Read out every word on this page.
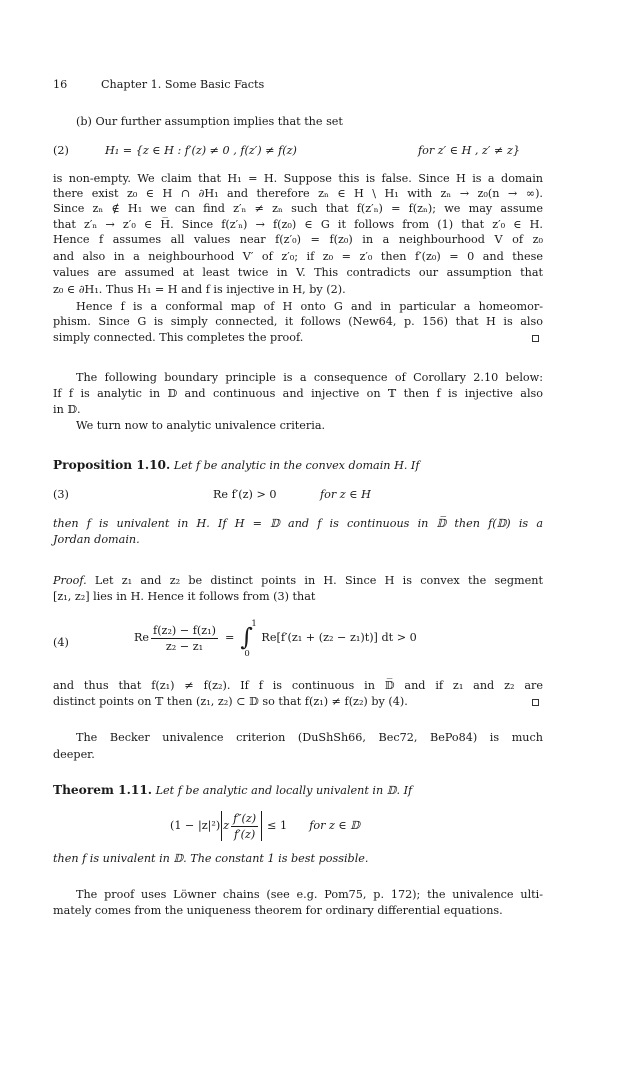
16	Chapter 1. Some Basic Facts
(b) Our further assumption implies that the set
(2)	H₁ = {z ∈ H : f′(z) ≠ 0 , f(z′) ≠ f(z)	for z′ ∈ H , z′ ≠ z}
is non-empty. We claim that H₁ = H. Suppose this is false. Since H is a domain
there exist z₀ ∈ H ∩ ∂H₁ and therefore zₙ ∈ H \ H₁ with zₙ → z₀(n → ∞).
Since zₙ ∉ H₁ we can find z′ₙ ≠ zₙ such that f(z′ₙ) = f(zₙ); we may assume
that z′ₙ → z′₀ ∈ H̅. Since f(z′ₙ) → f(z₀) ∈ G it follows from (1) that z′₀ ∈ H.
Hence f assumes all values near f(z′₀) = f(z₀) in a neighbourhood V of z₀
and also in a neighbourhood V′ of z′₀; if z₀ = z′₀ then f′(z₀) = 0 and these
values are assumed at least twice in V. This contradicts our assumption that
z₀ ∈ ∂H₁. Thus H₁ = H and f is injective in H, by (2).
Hence f is a conformal map of H onto G and in particular a homeomor-
phism. Since G is simply connected, it follows (New64, p. 156) that H is also
simply connected. This completes the proof.
The following boundary principle is a consequence of Corollary 2.10 below:
If f is analytic in 𝔻 and continuous and injective on 𝕋 then f is injective also
in 𝔻.
We turn now to analytic univalence criteria.
Proposition 1.10. Let f be analytic in the convex domain H. If
(3)	Re f′(z) > 0	for z ∈ H
then f is univalent in H. If H = 𝔻 and f is continuous in 𝔻̅ then f(𝔻) is a
Jordan domain.
Proof. Let z₁ and z₂ be distinct points in H. Since H is convex the segment
[z₁, z₂] lies in H. Hence it follows from (3) that
(4)	Re $\frac{\text{f(z₂) − f(z₁)}}{\text{z₂ − z₁}}$ = ∫
1
0
Re[f′(z₁ + (z₂ − z₁)t)] dt > 0
and thus that f(z₁) ≠ f(z₂). If f is continuous in 𝔻̅ and if z₁ and z₂ are
distinct points on 𝕋 then (z₁, z₂) ⊂ 𝔻 so that f(z₁) ≠ f(z₂) by (4).
The Becker univalence criterion (DuShSh66, Bec72, BePo84) is much
deeper.
Theorem 1.11. Let f be analytic and locally univalent in 𝔻. If
(1 − |z|²) z $\frac{f''(z)}{f'(z)} \le 1$ for z ∈ 𝔻
then f is univalent in 𝔻. The constant 1 is best possible.
The proof uses Löwner chains (see e.g. Pom75, p. 172); the univalence ulti-
mately comes from the uniqueness theorem for ordinary differential equations.
